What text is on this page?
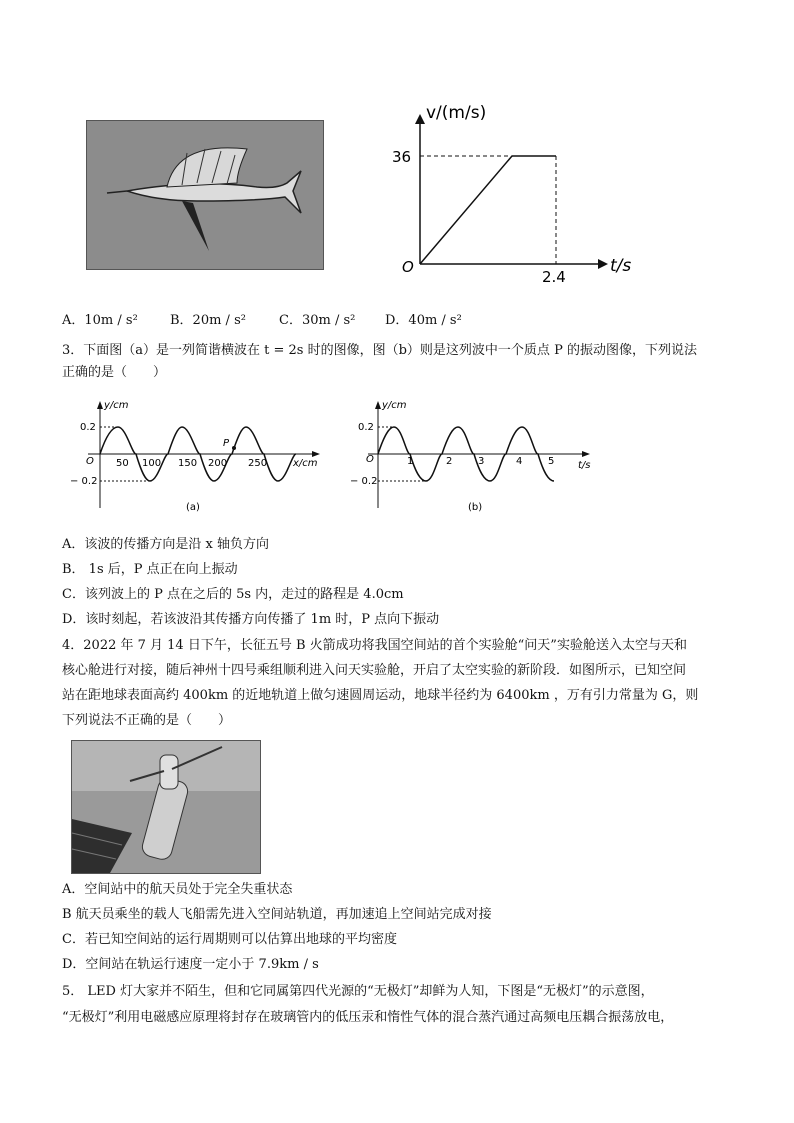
v/(m/s)
t/s
O
36
2.4
A．10m / s² B．20m / s²	C．30m / s² D．40m / s²
3．下面图（a）是一列简谐横波在 t = 2s 时的图像，图（b）则是这列波中一个质点 P 的振动图像，下列说法
正确的是（　　）
y/cm
x/cm
O
0.2
− 0.2
50 100 150 200 250
P
(a)
y/cm
t/s
O
0.2
− 0.2
1	2	3	4	5
(b)
A．该波的传播方向是沿 x 轴负方向
B． 1s 后，P 点正在向上振动
C．该列波上的 P 点在之后的 5s 内，走过的路程是 4.0cm
D．该时刻起，若该波沿其传播方向传播了 1m 时，P 点向下振动
4．2022 年 7 月 14 日下午，长征五号 B 火箭成功将我国空间站的首个实验舱“问天”实验舱送入太空与天和
核心舱进行对接，随后神州十四号乘组顺利进入问天实验舱，开启了太空实验的新阶段．如图所示，已知空间
站在距地球表面高约 400km 的近地轨道上做匀速圆周运动，地球半径约为 6400km ，万有引力常量为 G，则
下列说法不正确的是（　　）
A．空间站中的航天员处于完全失重状态
B 航天员乘坐的载人飞船需先进入空间站轨道，再加速追上空间站完成对接
C．若已知空间站的运行周期则可以估算出地球的平均密度
D．空间站在轨运行速度一定小于 7.9km / s
5． LED 灯大家并不陌生，但和它同属第四代光源的“无极灯”却鲜为人知，下图是“无极灯”的示意图，
“无极灯”利用电磁感应原理将封存在玻璃管内的低压汞和惰性气体的混合蒸汽通过高频电压耦合振荡放电，
